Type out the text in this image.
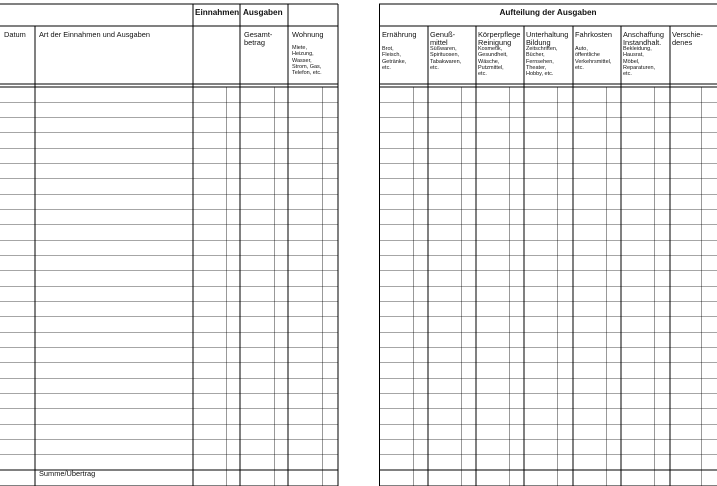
Einnahmen Ausgaben
Datum Art der Einnahmen und Ausgaben	Gesamt-
betrag
Wohnung
Miete,
Heizung,
Wasser,
Strom, Gas,
Telefon, etc.
Summe/Übertrag
Aufteilung der Ausgaben
Ernährung
Brot,
Fleisch,
Getränke,
etc.
Genuß-
mittel
Süßwaren,
Spirituosen,
Tabakwaren,
etc.
Körperpflege
Reinigung
Kosmetik,
Gesundheit,
Wäsche,
Putzmittel,
etc.
Unterhaltung
Bildung
Zeitschriften,
Bücher,
Fernsehen,
Theater,
Hobby, etc.
Fahrkosten
Auto,
öffentliche
Verkehrsmittel,
etc.
Anschaffung
Instandhalt.
Bekleidung,
Hausrat,
Möbel,
Reparaturen,
etc.
Verschie-
denes
